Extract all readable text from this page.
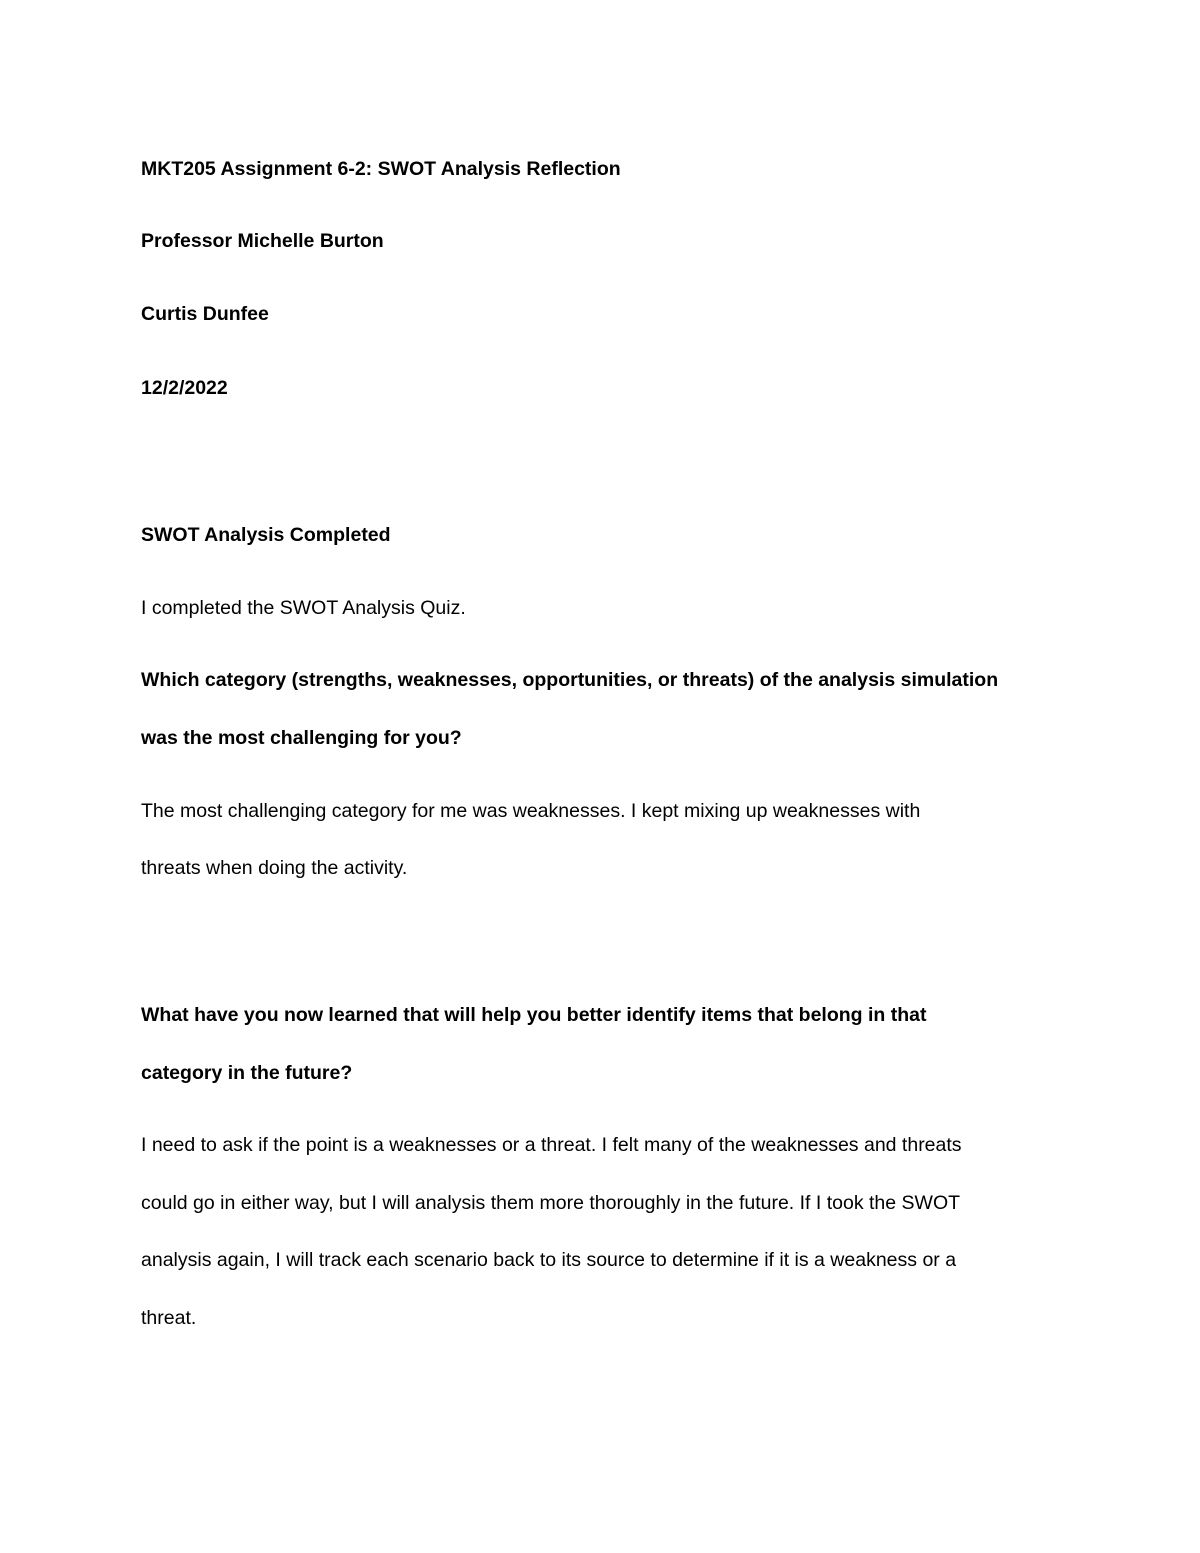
MKT205 Assignment 6-2: SWOT Analysis Reflection
Professor Michelle Burton
Curtis Dunfee
12/2/2022
SWOT Analysis Completed
I completed the SWOT Analysis Quiz.
Which category (strengths, weaknesses, opportunities, or threats) of the analysis simulation
was the most challenging for you?
The most challenging category for me was weaknesses. I kept mixing up weaknesses with
threats when doing the activity.
What have you now learned that will help you better identify items that belong in that
category in the future?
I need to ask if the point is a weaknesses or a threat. I felt many of the weaknesses and threats
could go in either way, but I will analysis them more thoroughly in the future. If I took the SWOT
analysis again, I will track each scenario back to its source to determine if it is a weakness or a
threat.
